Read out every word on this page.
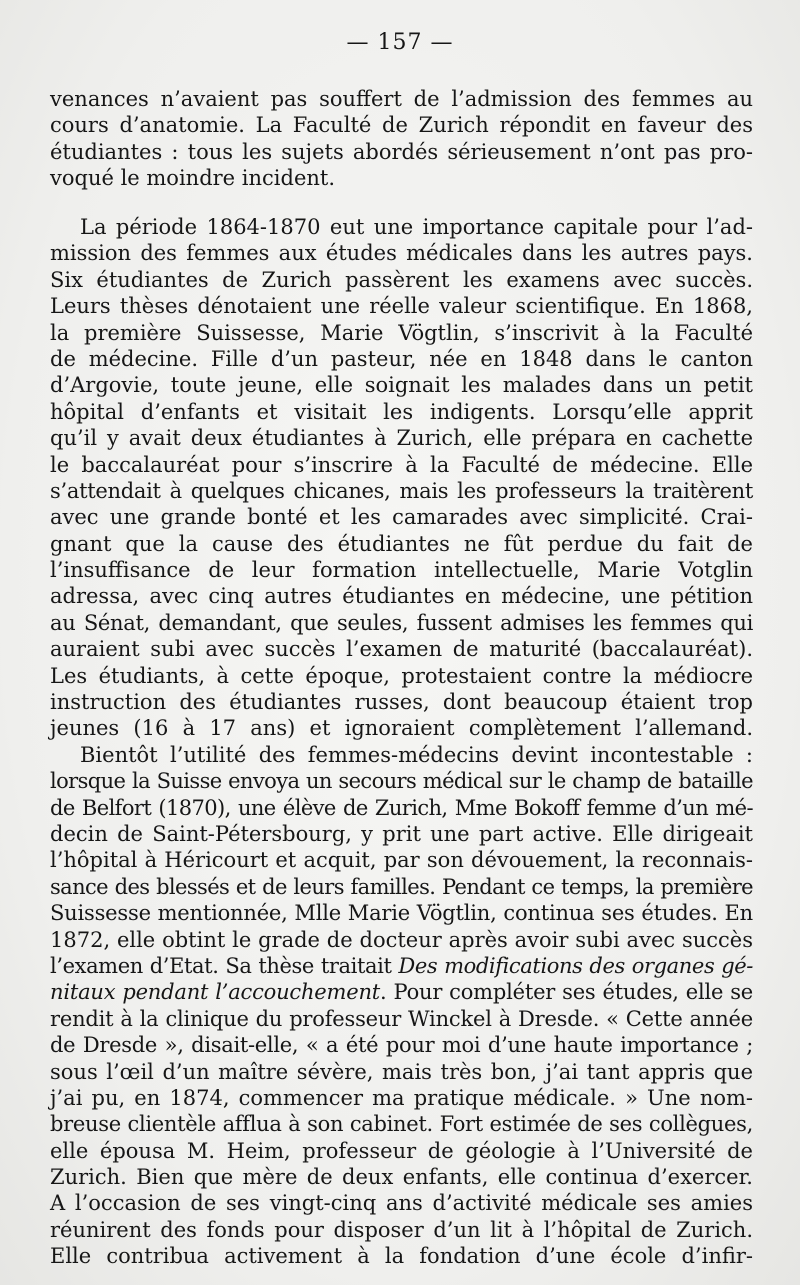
— 157 —
venances n’avaient pas souffert de l’admission des femmes au
cours d’anatomie. La Faculté de Zurich répondit en faveur des
étudiantes : tous les sujets abordés sérieusement n’ont pas pro-
voqué le moindre incident.
La période 1864-1870 eut une importance capitale pour l’ad-
mission des femmes aux études médicales dans les autres pays.
Six étudiantes de Zurich passèrent les examens avec succès.
Leurs thèses dénotaient une réelle valeur scientifique. En 1868,
la première Suissesse, Marie Vögtlin, s’inscrivit à la Faculté
de médecine. Fille d’un pasteur, née en 1848 dans le canton
d’Argovie, toute jeune, elle soignait les malades dans un petit
hôpital d’enfants et visitait les indigents. Lorsqu’elle apprit
qu’il y avait deux étudiantes à Zurich, elle prépara en cachette
le baccalauréat pour s’inscrire à la Faculté de médecine. Elle
s’attendait à quelques chicanes, mais les professeurs la traitèrent
avec une grande bonté et les camarades avec simplicité. Crai-
gnant que la cause des étudiantes ne fût perdue du fait de
l’insuffisance de leur formation intellectuelle, Marie Votglin
adressa, avec cinq autres étudiantes en médecine, une pétition
au Sénat, demandant, que seules, fussent admises les femmes qui
auraient subi avec succès l’examen de maturité (baccalauréat).
Les étudiants, à cette époque, protestaient contre la médiocre
instruction des étudiantes russes, dont beaucoup étaient trop
jeunes (16 à 17 ans) et ignoraient complètement l’allemand.
Bientôt l’utilité des femmes-médecins devint incontestable :
lorsque la Suisse envoya un secours médical sur le champ de bataille
de Belfort (1870), une élève de Zurich, Mme Bokoff femme d’un mé-
decin de Saint-Pétersbourg, y prit une part active. Elle dirigeait
l’hôpital à Héricourt et acquit, par son dévouement, la reconnais-
sance des blessés et de leurs familles. Pendant ce temps, la première
Suissesse mentionnée, Mlle Marie Vögtlin, continua ses études. En
1872, elle obtint le grade de docteur après avoir subi avec succès
l’examen d’Etat. Sa thèse traitait Des modifications des organes gé-
nitaux pendant l’accouchement. Pour compléter ses études, elle se
rendit à la clinique du professeur Winckel à Dresde. « Cette année
de Dresde », disait-elle, « a été pour moi d’une haute importance ;
sous l’œil d’un maître sévère, mais très bon, j’ai tant appris que
j’ai pu, en 1874, commencer ma pratique médicale. » Une nom-
breuse clientèle afflua à son cabinet. Fort estimée de ses collègues,
elle épousa M. Heim, professeur de géologie à l’Université de
Zurich. Bien que mère de deux enfants, elle continua d’exercer.
A l’occasion de ses vingt-cinq ans d’activité médicale ses amies
réunirent des fonds pour disposer d’un lit à l’hôpital de Zurich.
Elle contribua activement à la fondation d’une école d’infir-
